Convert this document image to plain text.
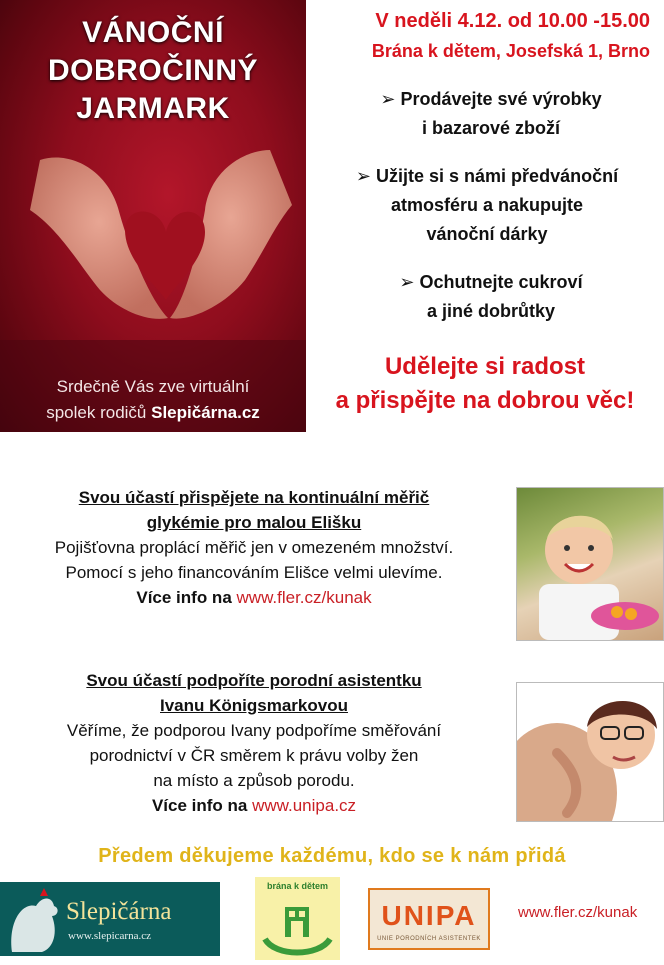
VÁNOČNÍ
DOBROČINNÝ
JARMARK
Srdečně Vás zve virtuální
spolek rodičů Slepičárna.cz
V neděli 4.12. od 10.00 -15.00
Brána k dětem, Josefská 1, Brno
➢ Prodávejte své výrobky
i bazarové zboží
➢ Užijte si s námi předvánoční
atmosféru a nakupujte
vánoční dárky
➢ Ochutnejte cukroví
a jiné dobrůtky
Udělejte si radost
a přispějte na dobrou věc!
Svou účastí přispějete na kontinuální měřič
glykémie pro malou Elišku
Pojišťovna proplácí měřič jen v omezeném množství.
Pomocí s jeho financováním Elišce velmi ulevíme.
Více info na www.fler.cz/kunak
Svou účastí podpoříte porodní asistentku
Ivanu Königsmarkovou
Věříme, že podporou Ivany podpoříme směřování
porodnictví v ČR směrem k právu volby žen
na místo a způsob porodu.
Více info na www.unipa.cz
Předem děkujeme každému, kdo se k nám přidá
Slepičárna
www.slepicarna.cz
brána k dětem
UNIPA
UNIE PORODNÍCH ASISTENTEK
www.fler.cz/kunak
